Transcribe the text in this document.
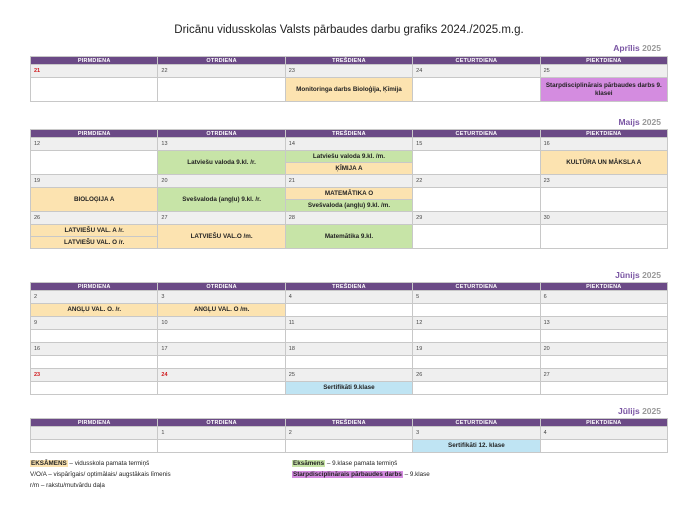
Dricānu vidusskolas Valsts pārbaudes darbu grafiks 2024./2025.m.g.
Aprīlis 2025
PIRMDIENA	OTRDIENA	TREŠDIENA	CETURTDIENA	PIEKTDIENA
21	22	23	24	25
		Monitoringa darbs Bioloģija, Ķīmija		Starpdisciplinārais pārbaudes darbs 9. klasei
Maijs 2025
PIRMDIENA	OTRDIENA	TREŠDIENA	CETURTDIENA	PIEKTDIENA
12	13	14	15	16
	Latviešu valoda 9.kl. /r.	Latviešu valoda 9.kl. /m.		KULTŪRA UN MĀKSLA A
		ĶĪMIJA A		
19	20	21	22	23
BIOLOĢIJA A	Svešvaloda (angļu) 9.kl. /r.	MATEMĀTIKA O		
		Svešvaloda (angļu) 9.kl. /m.		
26	27	28	29	30
LATVIEŠU VAL. A /r.	LATVIEŠU VAL.O /m.	Matemātika 9.kl.		
LATVIEŠU VAL. O /r.				
Jūnijs 2025
PIRMDIENA	OTRDIENA	TREŠDIENA	CETURTDIENA	PIEKTDIENA
2	3	4	5	6
ANGĻU VAL. O. /r.	ANGĻU VAL. O /m.			
9	10	11	12	13

16	17	18	19	20

23	24	25	26	27
		Sertifikāti 9.klase		
Jūlijs 2025
PIRMDIENA	OTRDIENA	TREŠDIENA	CETURTDIENA	PIEKTDIENA
	1	2	3	4
			Sertifikāti 12. klase	
EKSĀMENS – vidusskola pamata termiņš
V/O/A – vispārīgais/ optimālais/ augstākais līmenis
r/m – rakstu/mutvārdu daļa
Eksāmens – 9.klase pamata termiņš
Starpdisciplinārais pārbaudes darbs – 9.klase
